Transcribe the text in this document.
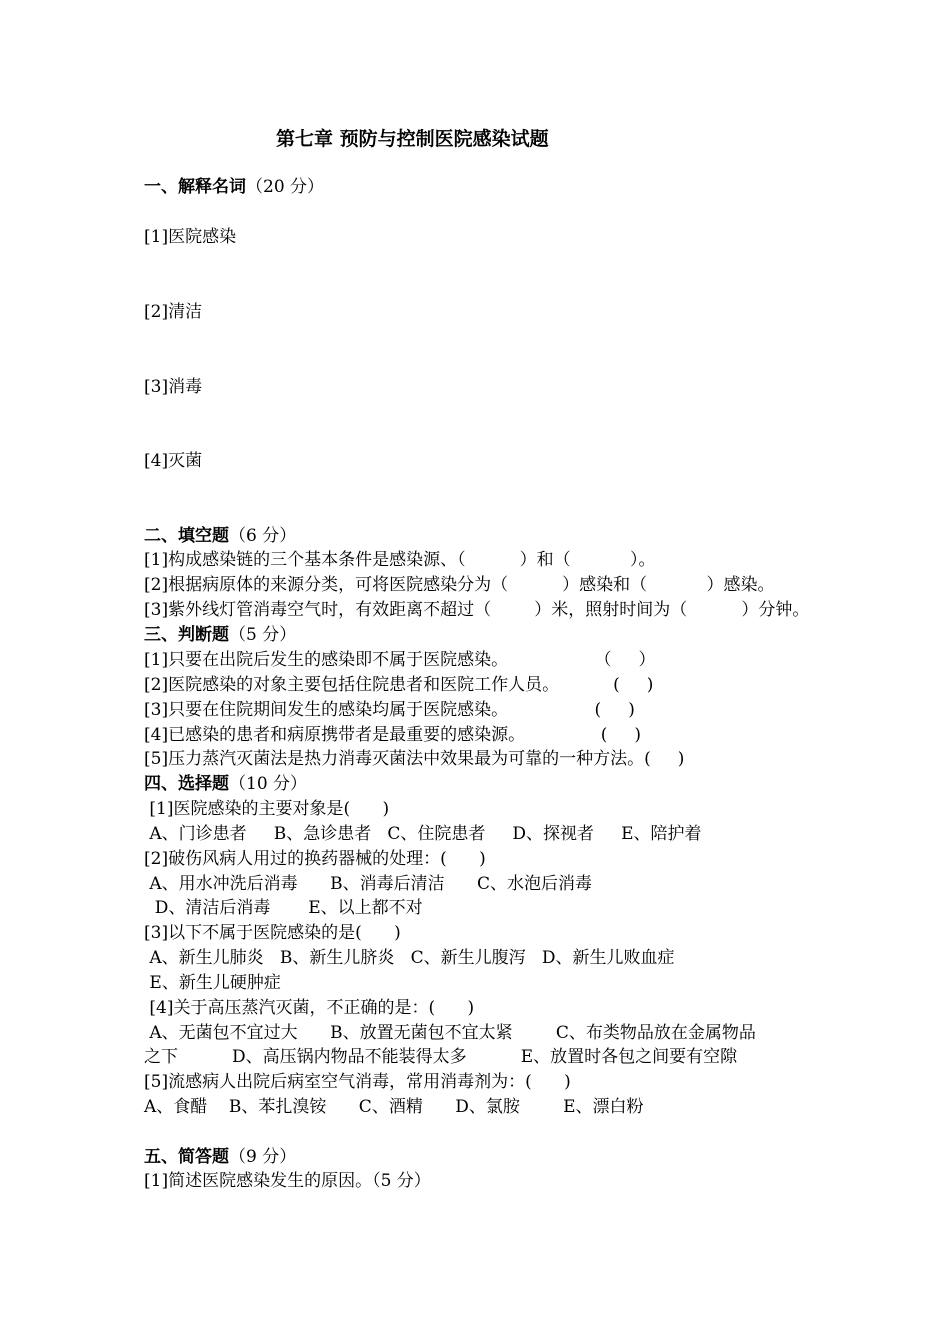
第七章 预防与控制医院感染试题
一、解释名词（20 分）
[1]医院感染
[2]清洁
[3]消毒
[4]灭菌
二、填空题（6 分）
[1]构成感染链的三个基本条件是感染源、（          ）和（           ）。
[2]根据病原体的来源分类，可将医院感染分为（          ）感染和（           ）感染。
[3]紫外线灯管消毒空气时，有效距离不超过（        ）米，照射时间为（          ）分钟。
三、判断题（5 分）
[1]只要在出院后发生的感染即不属于医院感染。                （     ）
[2]医院感染的对象主要包括住院患者和医院工作人员。          (     )
[3]只要在住院期间发生的感染均属于医院感染。                (     )
[4]已感染的患者和病原携带者是最重要的感染源。              (     )
[5]压力蒸汽灭菌法是热力消毒灭菌法中效果最为可靠的一种方法。(     )
四、选择题（10 分）
[1]医院感染的主要对象是(      )
A、门诊患者     B、急诊患者   C、住院患者     D、探视者     E、陪护着
[2]破伤风病人用过的换药器械的处理：(      )
A、用水冲洗后消毒      B、消毒后清洁      C、水泡后消毒
D、清洁后消毒       E、以上都不对
[3]以下不属于医院感染的是(      )
A、新生儿肺炎   B、新生儿脐炎   C、新生儿腹泻   D、新生儿败血症
E、新生儿硬肿症
[4]关于高压蒸汽灭菌，不正确的是：(      )
A、无菌包不宜过大      B、放置无菌包不宜太紧        C、布类物品放在金属物品
之下          D、高压锅内物品不能装得太多          E、放置时各包之间要有空隙
[5]流感病人出院后病室空气消毒，常用消毒剂为：(      )
A、食醋    B、苯扎溴铵      C、酒精      D、氯胺        E、漂白粉
五、简答题（9 分）
[1]简述医院感染发生的原因。（5 分）
